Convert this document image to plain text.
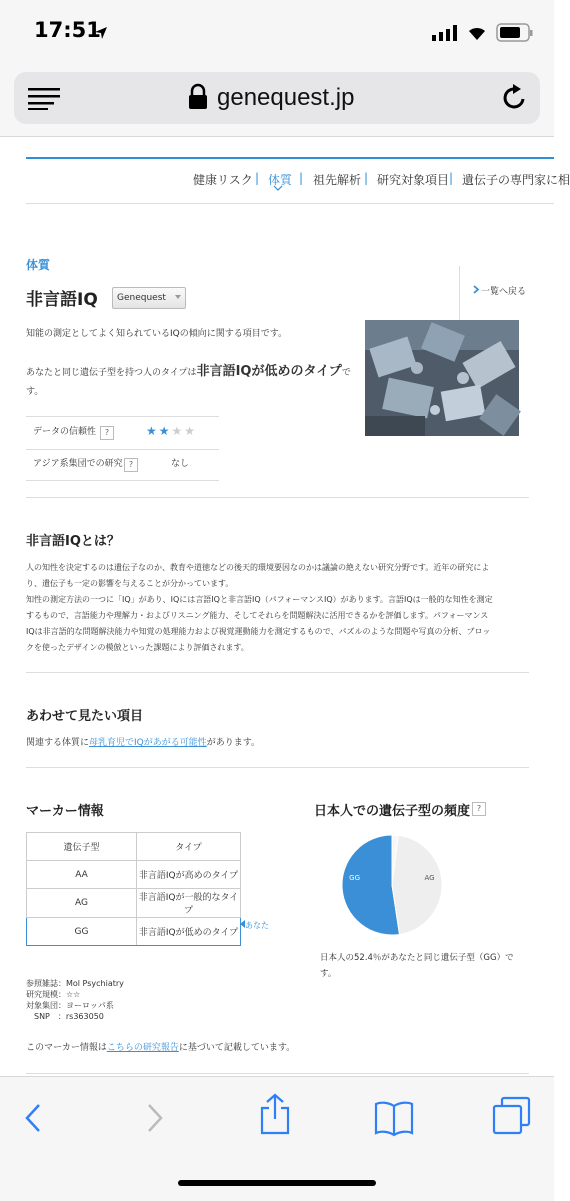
17:51
genequest.jp
健康リスク | 体質 | 祖先解析 | 研究対象項目 | 遺伝子の専門家に相
体質
非言語IQ	Genequest
一覧へ戻る
知能の測定としてよく知られているIQの傾向に関する項目です。
あなたと同じ遺伝子型を持つ人のタイプは非言語IQが低めのタイプで
す。
データの信頼性	?	★★★★
アジア系集団での研究 ?	なし
非言語IQとは？
人の知性を決定するのは遺伝子なのか、教育や道徳などの後天的環境要因なのかは議論の絶えない研究分野です。近年の研究によ
り、遺伝子も一定の影響を与えることが分かっています。
知性の測定方法の一つに「IQ」があり、IQには言語IQと非言語IQ（パフォーマンスIQ）があります。言語IQは一般的な知性を測定
するもので、言語能力や理解力・およびリスニング能力、そしてそれらを問題解決に活用できるかを評価します。パフォーマンス
IQは非言語的な問題解決能力や知覚の処理能力および視覚運動能力を測定するもので、パズルのような問題や写真の分析、ブロッ
クを使ったデザインの模倣といった課題により評価されます。
あわせて見たい項目
関連する体質に母乳育児でIQがあがる可能性があります。
マーカー情報
遺伝子型	タイプ
AA	非言語IQが高めのタイプ
AG	非言語IQが一般的なタイプ
GG	非言語IQが低めのタイプ
あなた
参照雑誌：Mol Psychiatry
研究規模：☆☆
対象集団：ヨーロッパ系
　SNP　：rs363050
このマーカー情報はこちらの研究報告に基づいて記載しています。
日本人での遺伝子型の頻度 ?
GG	AG
日本人の52.4％があなたと同じ遺伝子型（GG）で
す。
